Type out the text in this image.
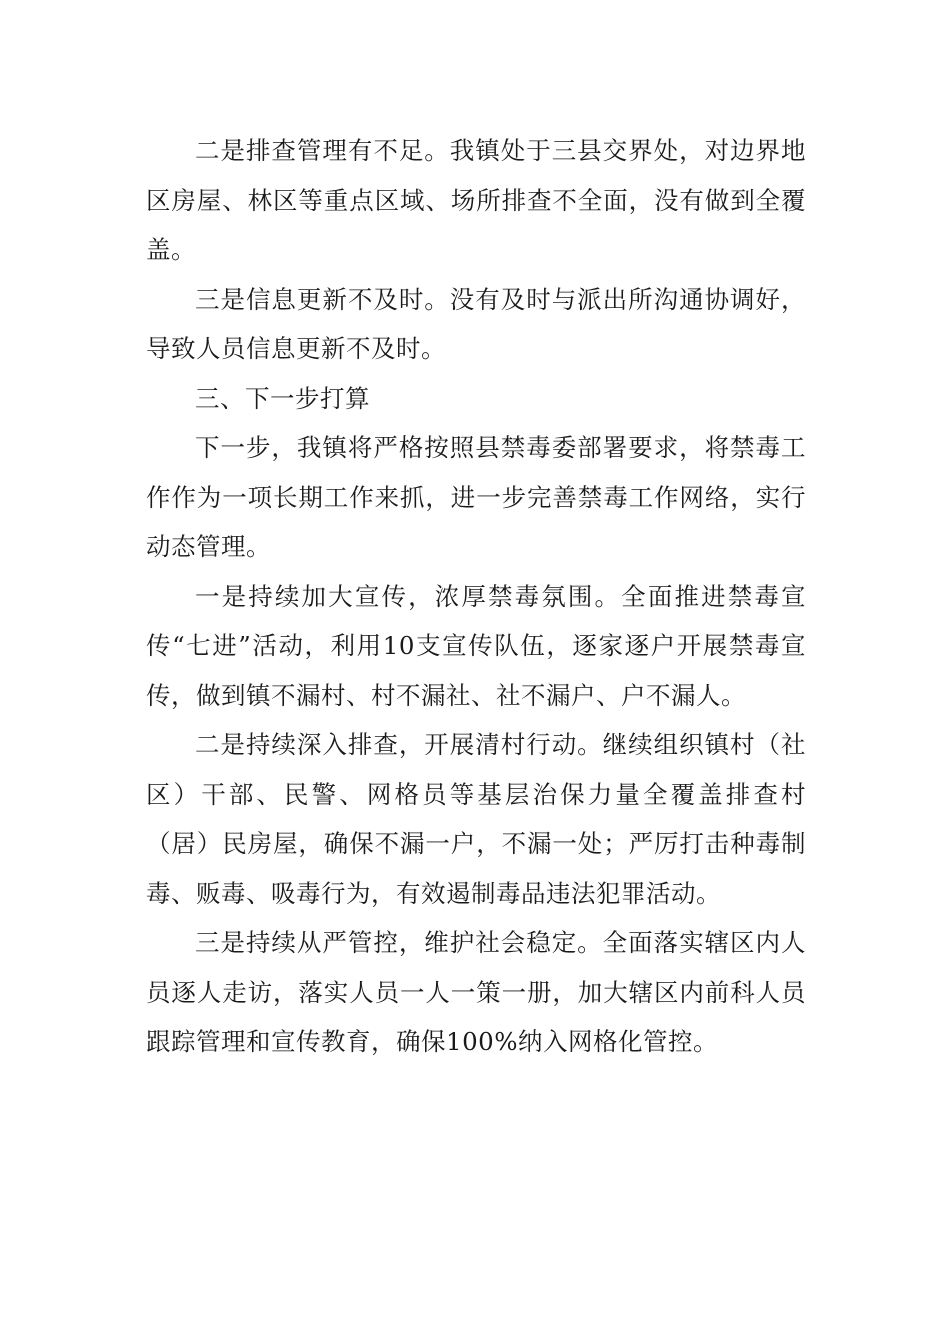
二是排查管理有不足。我镇处于三县交界处，对边界地区房屋、林区等重点区域、场所排查不全面，没有做到全覆盖。

三是信息更新不及时。没有及时与派出所沟通协调好，导致人员信息更新不及时。

三、下一步打算

下一步，我镇将严格按照县禁毒委部署要求，将禁毒工作作为一项长期工作来抓，进一步完善禁毒工作网络，实行动态管理。

一是持续加大宣传，浓厚禁毒氛围。全面推进禁毒宣传“七进”活动，利用10支宣传队伍，逐家逐户开展禁毒宣传，做到镇不漏村、村不漏社、社不漏户、户不漏人。

二是持续深入排查，开展清村行动。继续组织镇村（社区）干部、民警、网格员等基层治保力量全覆盖排查村（居）民房屋，确保不漏一户，不漏一处；严厉打击种毒制毒、贩毒、吸毒行为，有效遏制毒品违法犯罪活动。

三是持续从严管控，维护社会稳定。全面落实辖区内人员逐人走访，落实人员一人一策一册，加大辖区内前科人员跟踪管理和宣传教育，确保100%纳入网格化管控。
